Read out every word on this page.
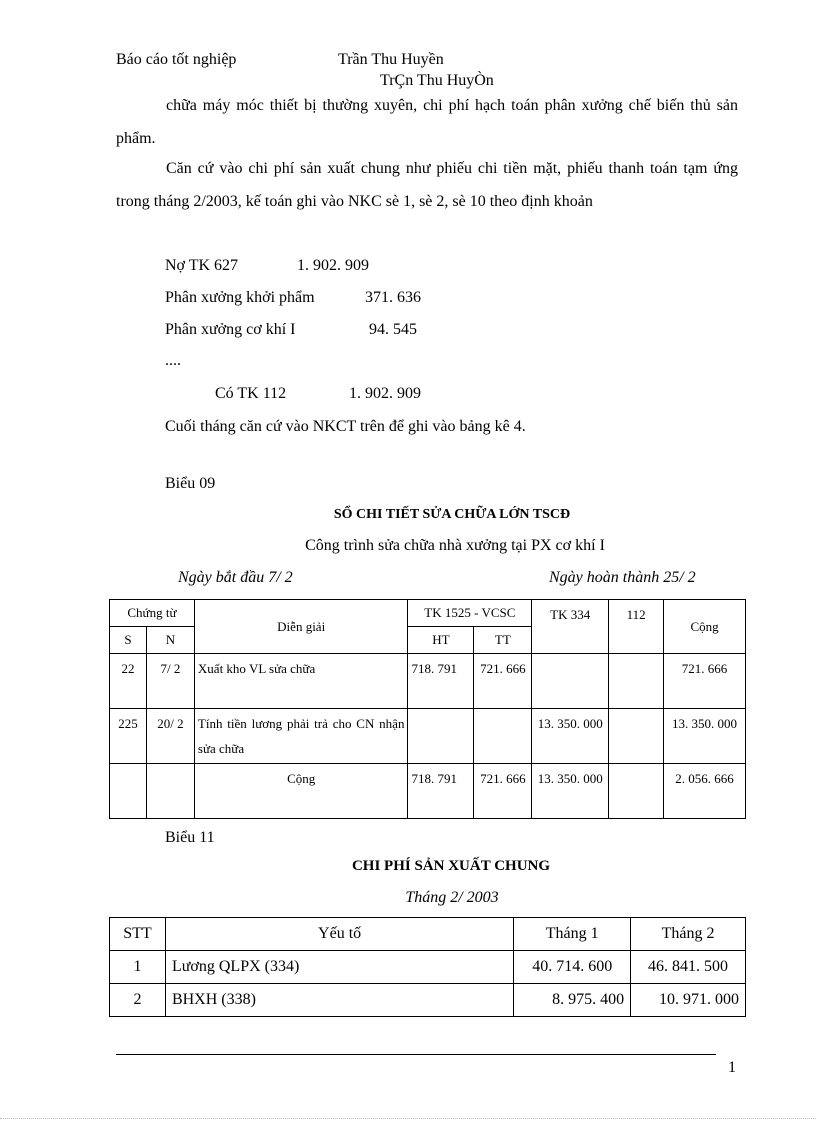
Báo cáo tốt nghiệp	Trần Thu Huyền
TrÇn Thu HuyÒn
chữa máy móc thiết bị thường xuyên, chi phí hạch toán phân xưởng chế biến thủ sản phẩm.
Căn cứ vào chi phí sản xuất chung như phiếu chi tiền mặt, phiếu thanh toán tạm ứng trong tháng 2/2003, kế toán ghi vào NKC sè 1, sè 2, sè 10 theo định khoản
Nợ TK 627	1. 902. 909
Phân xưởng khởi phẩm	371. 636
Phân xưởng cơ khí I	94. 545
....
Có TK 112	1. 902. 909
Cuối tháng căn cứ vào NKCT trên để ghi vào bảng kê 4.
Biểu 09
SỔ CHI TIẾT SỬA CHỮA LỚN TSCĐ
Công trình sửa chữa nhà xưởng tại PX cơ khí I
Ngày bắt đầu 7/ 2	Ngày hoàn thành 25/ 2
Chứng từ		Diễn giải	TK 1525 - VCSC		TK 334	112	Cộng
S	N		HT	TT			
22	7/ 2	Xuất kho VL sửa chữa	718. 791	721. 666			721. 666
225	20/ 2	Tính tiền lương phải trả cho CN nhận sửa chữa			13. 350. 000		13. 350. 000
		Cộng	718. 791	721. 666	13. 350. 000		2. 056. 666
Biểu 11
CHI PHÍ SẢN XUẤT CHUNG
Tháng 2/ 2003
STT	Yếu tố	Tháng 1	Tháng 2
1	Lương QLPX (334)	40. 714. 600	46. 841. 500
2	BHXH (338)	8. 975. 400	10. 971. 000
1
